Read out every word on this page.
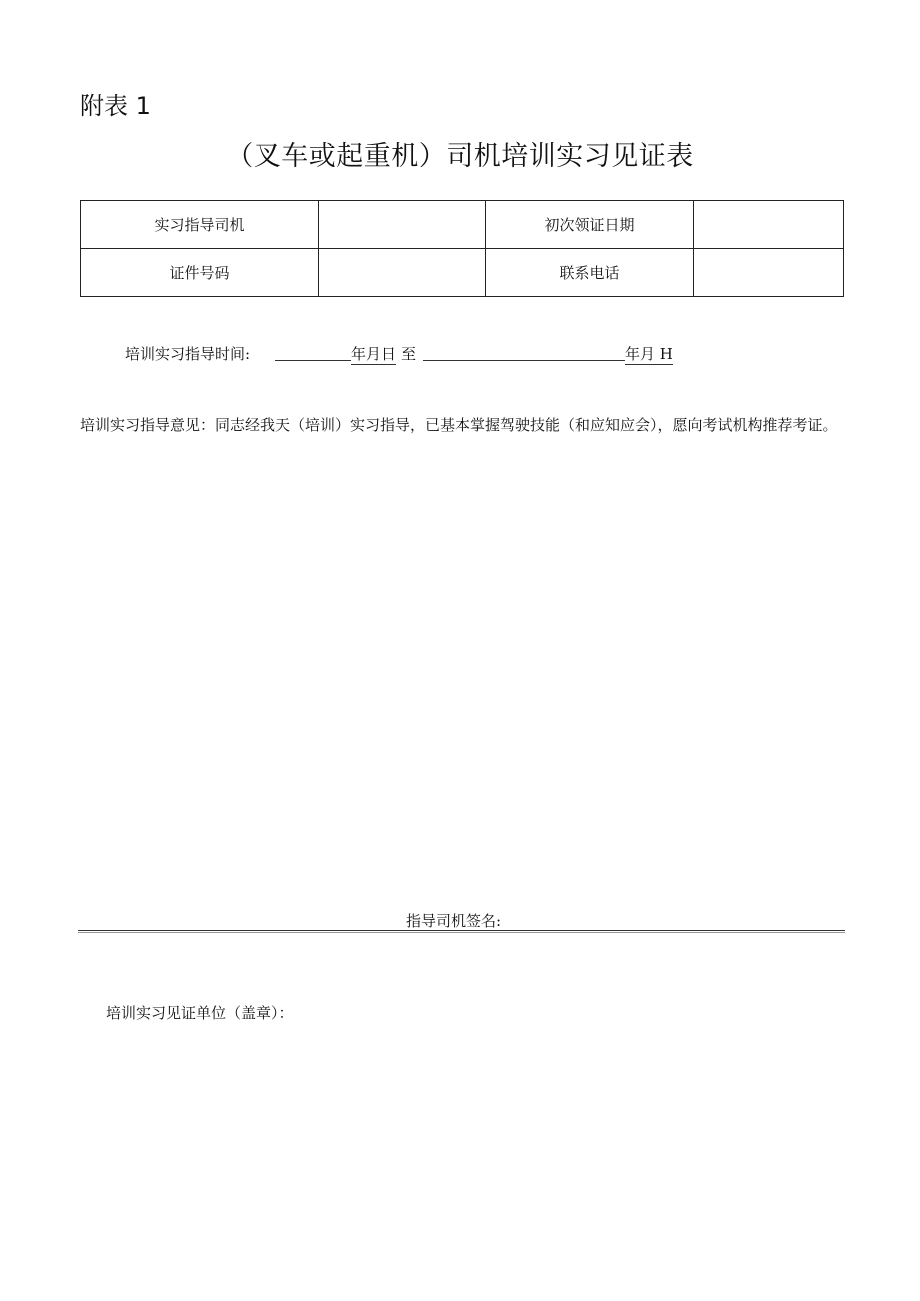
附表 1
（叉车或起重机）司机培训实习见证表
实习指导司机		初次领证日期	
证件号码		联系电话	
培训实习指导时间:	年月日 至	年月 H
培训实习指导意见：同志经我天（培训）实习指导，已基本掌握驾驶技能（和应知应会），愿向考试机构推荐考证。
指导司机签名:
培训实习见证单位（盖章）：
